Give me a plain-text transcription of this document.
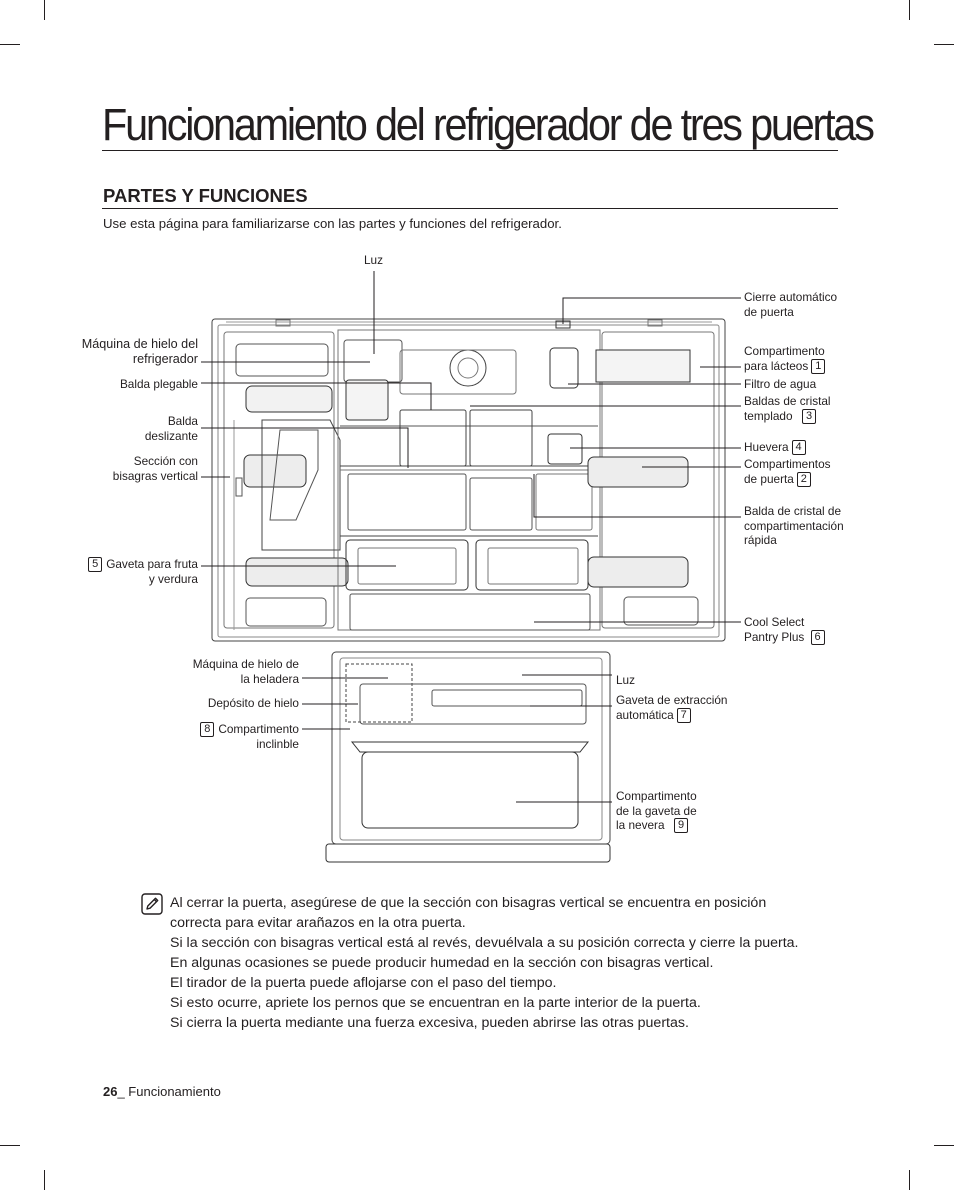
Funcionamiento del refrigerador de tres puertas
PARTES Y FUNCIONES
Use esta página para familiarizarse con las partes y funciones del refrigerador.
Luz
Cierre automático
de puerta
Compartimento
para lácteos 1
Filtro de agua
Baldas de cristal
templado 3
Huevera 4
Compartimentos
de puerta 2
Balda de cristal de
compartimentación
rápida
Cool Select
Pantry Plus 6
Máquina de hielo del
refrigerador
Balda plegable
Balda
deslizante
Sección con
bisagras vertical
5 Gaveta para fruta
y verdura
Máquina de hielo de
la heladera
Depósito de hielo
8 Compartimento
inclinble
Luz
Gaveta de extracción
automática 7
Compartimento
de la gaveta de
la nevera 9

Al cerrar la puerta, asegúrese de que la sección con bisagras vertical se encuentra en posición

correcta para evitar arañazos en la otra puerta.

Si la sección con bisagras vertical está al revés, devuélvala a su posición correcta y cierre la puerta.

En algunas ocasiones se puede producir humedad en la sección con bisagras vertical.

El tirador de la puerta puede aflojarse con el paso del tiempo.

Si esto ocurre, apriete los pernos que se encuentran en la parte interior de la puerta.

Si cierra la puerta mediante una fuerza excesiva, pueden abrirse las otras puertas.

26_ Funcionamiento
